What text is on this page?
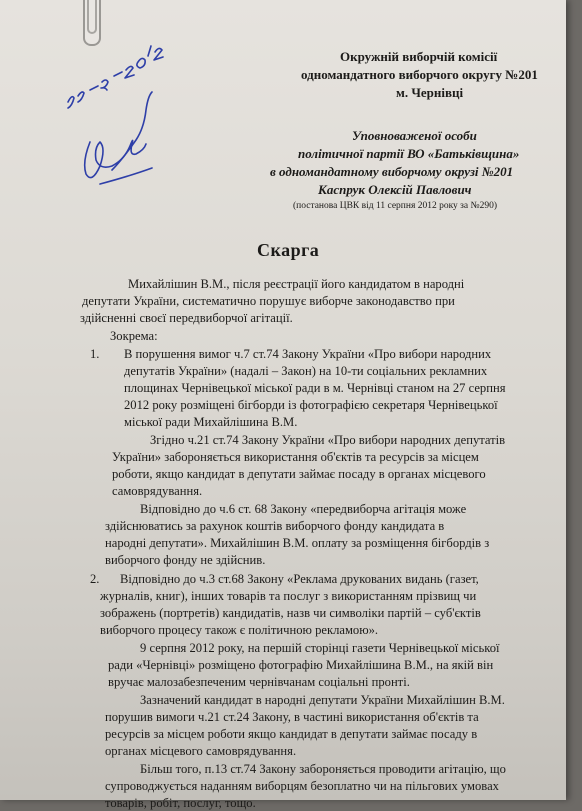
Окружній виборчій комісії
одномандатного виборчого округу №201
м. Чернівці
Уповноваженої особи
політичної партії ВО «Батьківщина»
в одномандатному виборчому окрузі №201
Каспрук Олексій Павлович
(постанова ЦВК від 11 серпня 2012 року за №290)
Скарга
Михайлішин В.М., після реєстрації його кандидатом в народні
депутати України, систематично порушує виборче законодавство при
здійсненні своєї передвиборчої агітації.
Зокрема:
1. В порушення вимог ч.7 ст.74 Закону України «Про вибори народних
депутатів України» (надалі – Закон) на 10-ти соціальних рекламних
площинах Чернівецької міської ради в м. Чернівці станом на 27 серпня
2012 року розміщені бігборди із фотографією секретаря Чернівецької
міської ради Михайлішина В.М.
Згідно ч.21 ст.74 Закону України «Про вибори народних депутатів
України» забороняється використання об'єктів та ресурсів за місцем
роботи, якщо кандидат в депутати займає посаду в органах місцевого
самоврядування.
Відповідно до ч.6 ст. 68 Закону «передвиборча агітація може
здійснюватись за рахунок коштів виборчого фонду кандидата в
народні депутати». Михайлішин В.М. оплату за розміщення бігбордів з
виборчого фонду не здійснив.
2. Відповідно до ч.3 ст.68 Закону «Реклама друкованих видань (газет,
журналів, книг), інших товарів та послуг з використанням прізвищ чи
зображень (портретів) кандидатів, назв чи символіки партій – суб'єктів
виборчого процесу також є політичною рекламою».
9 серпня 2012 року, на першій сторінці газети Чернівецької міської
ради «Чернівці» розміщено фотографію Михайлішина В.М., на якій він
вручає малозабезпеченим чернівчанам соціальні пронті.
Зазначений кандидат в народні депутати України Михайлішин В.М.
порушив вимоги ч.21 ст.24 Закону, в частині використання об'єктів та
ресурсів за місцем роботи якщо кандидат в депутати займає посаду в
органах місцевого самоврядування.
Більш того, п.13 ст.74 Закону забороняється проводити агітацію, що
супроводжується наданням виборцям безоплатно чи на пільгових умовах
товарів, робіт, послуг, тощо.
